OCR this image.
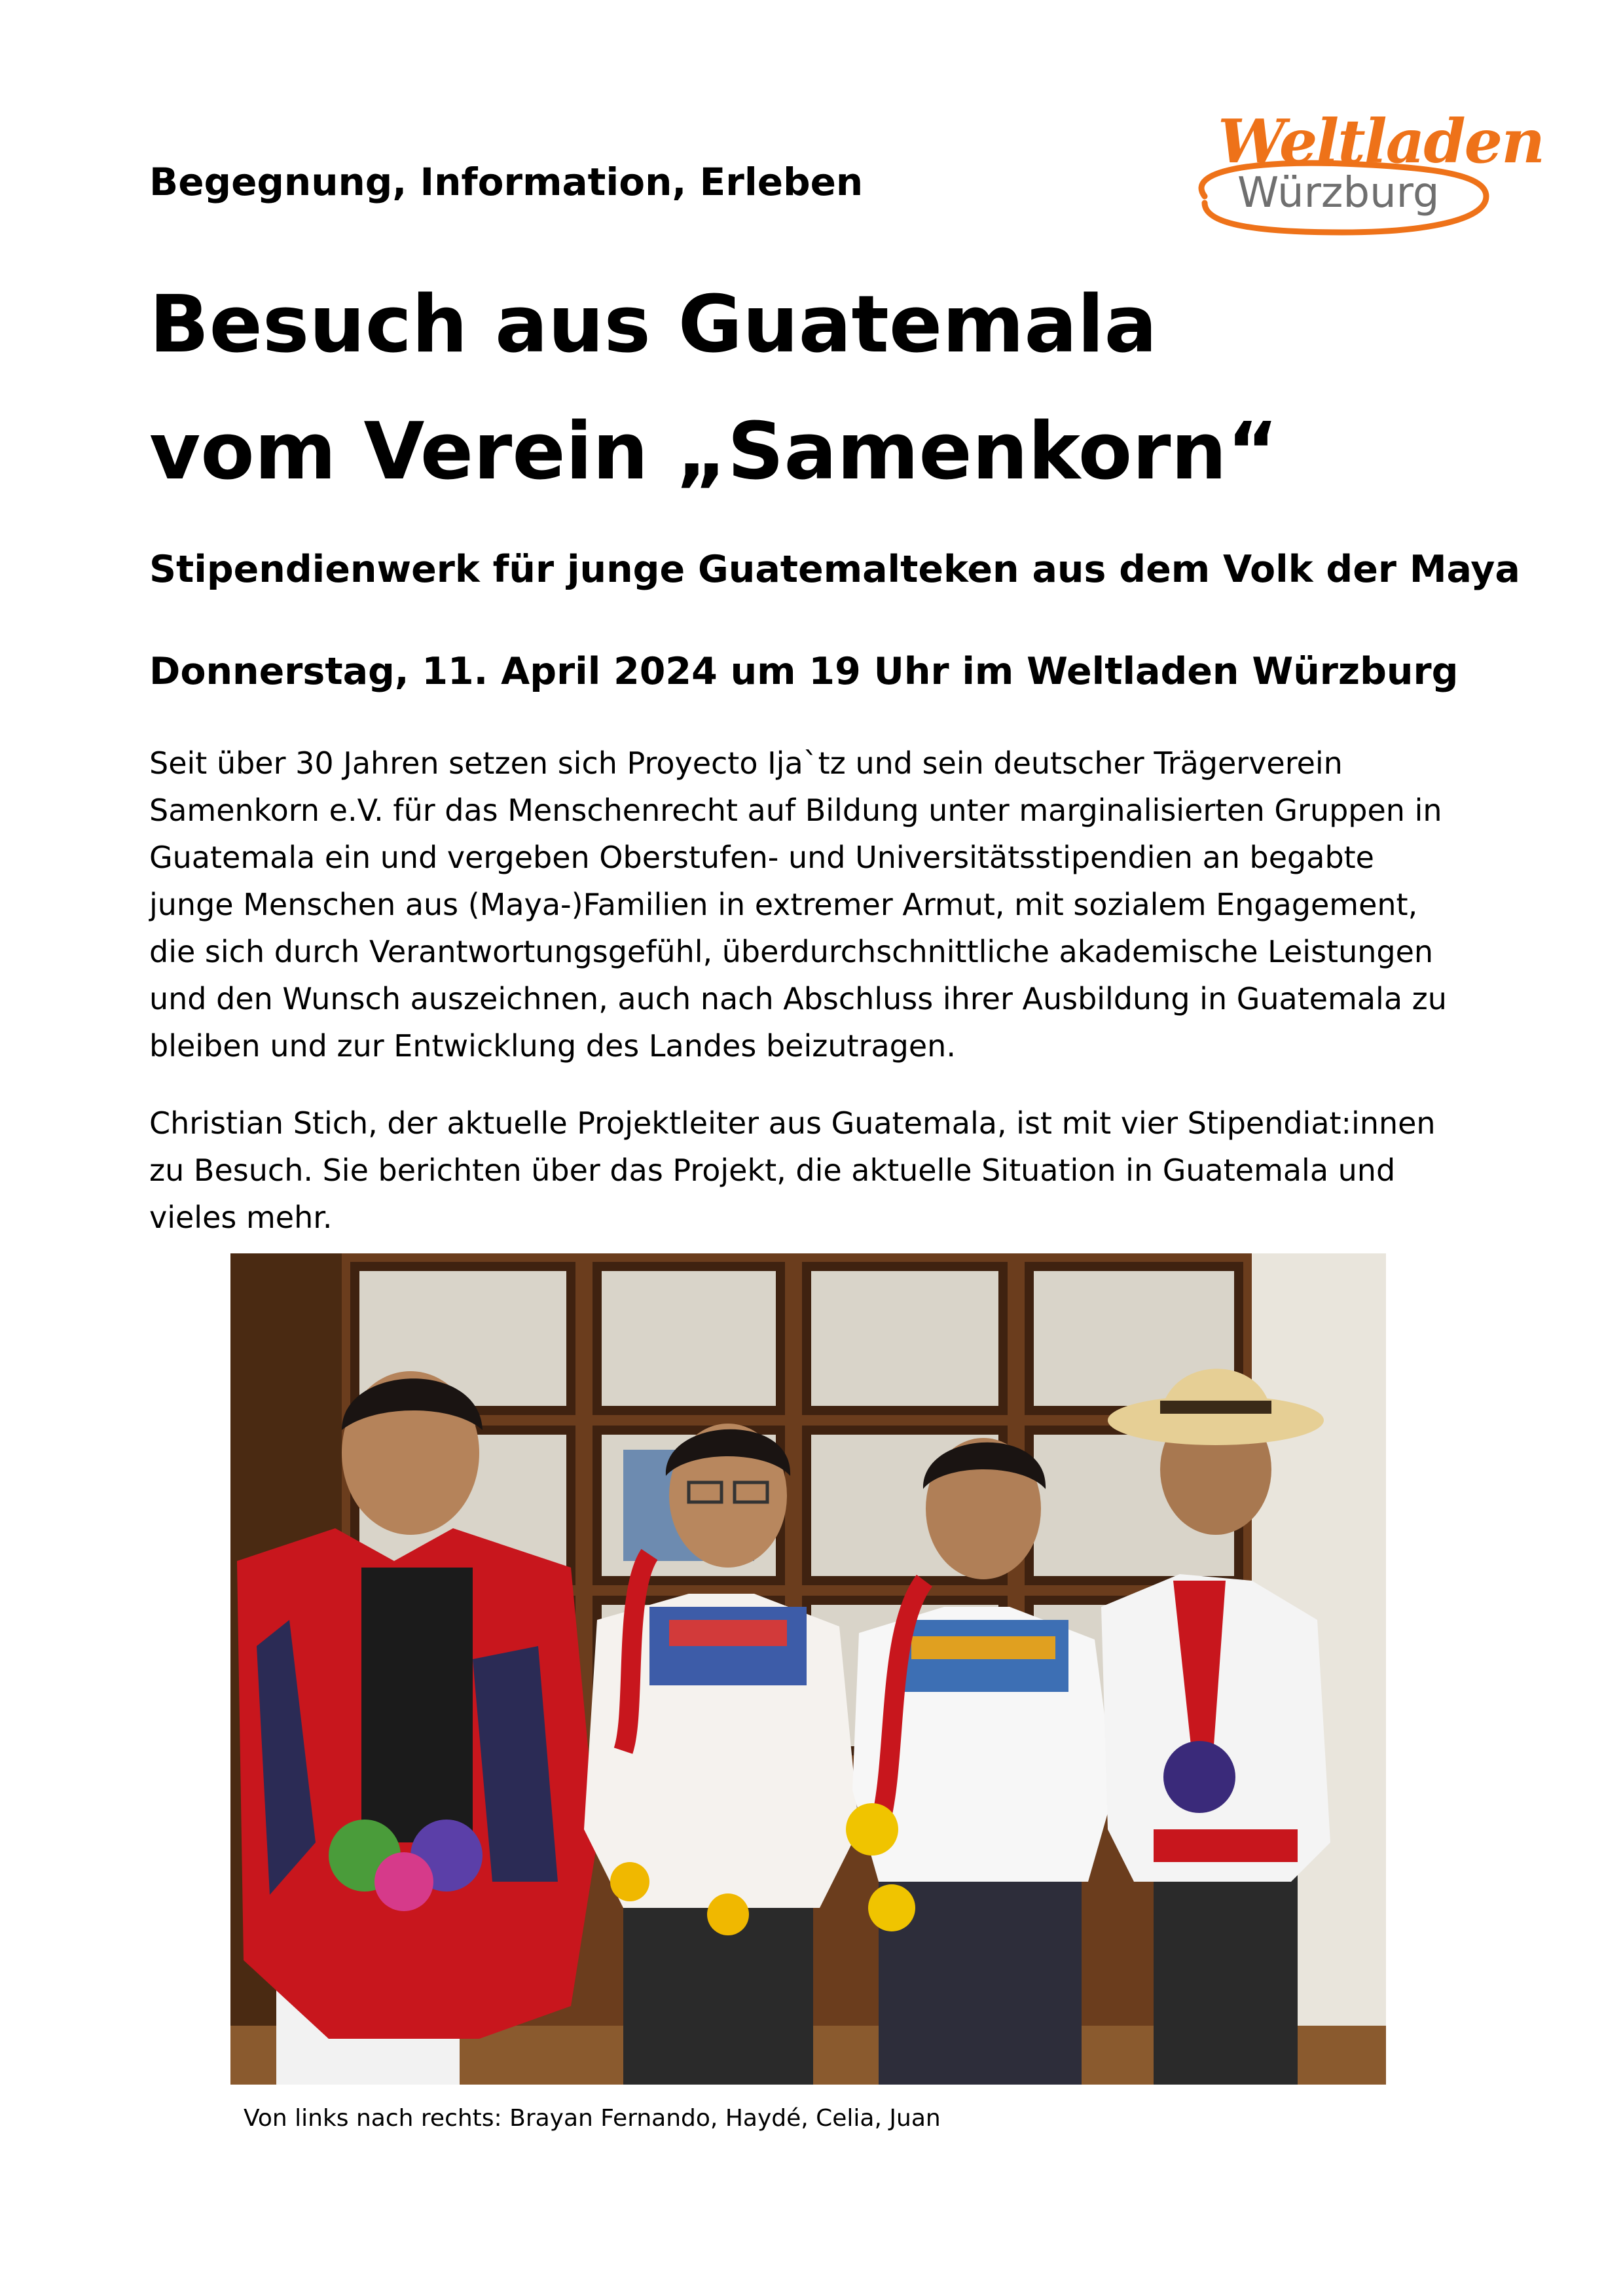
Weltladen
Würzburg
Begegnung, Information, Erleben
Besuch aus Guatemala
vom Verein „Samenkorn“
Stipendienwerk für junge Guatemalteken aus dem Volk der Maya
Donnerstag, 11. April 2024 um 19 Uhr im Weltladen Würzburg

Seit über 30 Jahren setzen sich Proyecto Ija`tz und sein deutscher Trägerverein
Samenkorn e.V. für das Menschenrecht auf Bildung unter marginalisierten Gruppen in
Guatemala ein und vergeben Oberstufen- und Universitätsstipendien an begabte
junge Menschen aus (Maya-)Familien in extremer Armut, mit sozialem Engagement,
die sich durch Verantwortungsgefühl, überdurchschnittliche akademische Leistungen
und den Wunsch auszeichnen, auch nach Abschluss ihrer Ausbildung in Guatemala zu
bleiben und zur Entwicklung des Landes beizutragen.

Christian Stich, der aktuelle Projektleiter aus Guatemala, ist mit vier Stipendiat:innen
zu Besuch. Sie berichten über das Projekt, die aktuelle Situation in Guatemala und
vieles mehr.

Von links nach rechts: Brayan Fernando, Haydé, Celia, Juan
